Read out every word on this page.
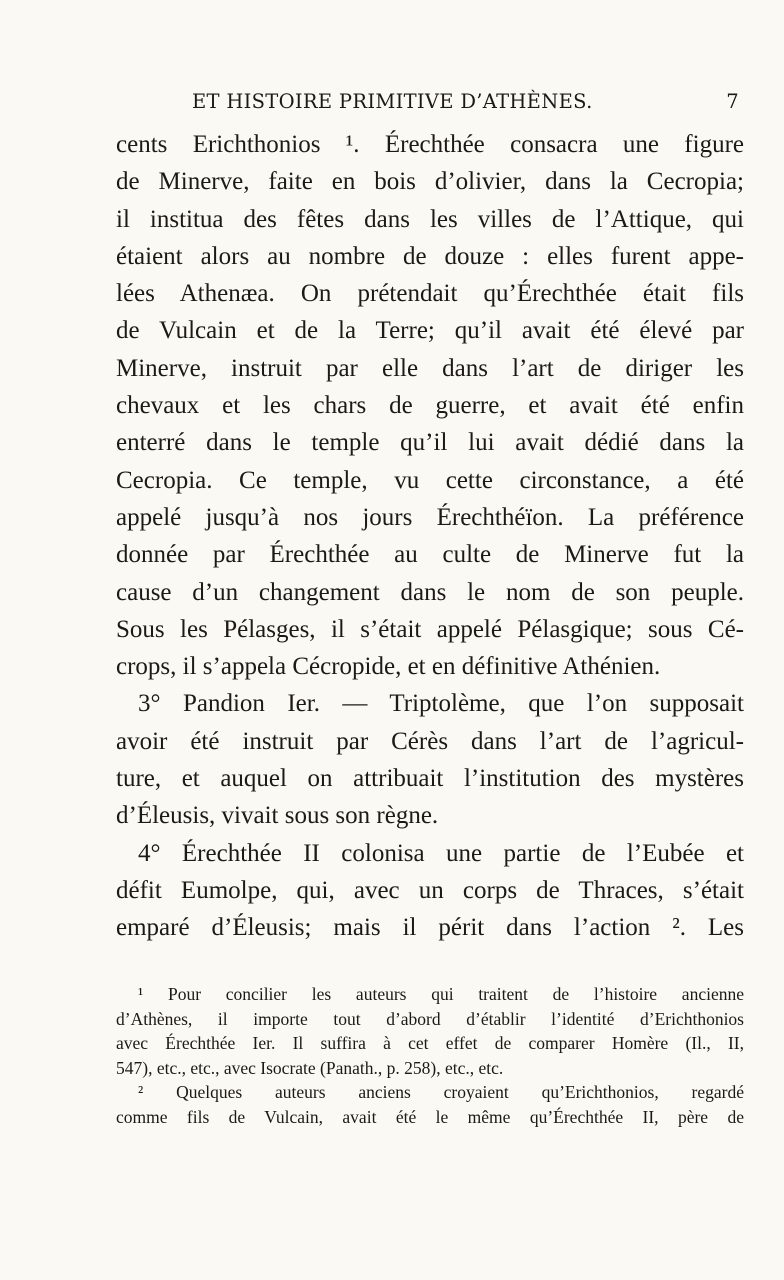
ET HISTOIRE PRIMITIVE D’ATHÈNES.	7
cents Erichthonios ¹. Érechthée consacra une figure
de Minerve, faite en bois d’olivier, dans la Cecropia;
il institua des fêtes dans les villes de l’Attique, qui
étaient alors au nombre de douze : elles furent appe-
lées Athenæa. On prétendait qu’Érechthée était fils
de Vulcain et de la Terre; qu’il avait été élevé par
Minerve, instruit par elle dans l’art de diriger les
chevaux et les chars de guerre, et avait été enfin
enterré dans le temple qu’il lui avait dédié dans la
Cecropia. Ce temple, vu cette circonstance, a été
appelé jusqu’à nos jours Érechthéïon. La préférence
donnée par Érechthée au culte de Minerve fut la
cause d’un changement dans le nom de son peuple.
Sous les Pélasges, il s’était appelé Pélasgique; sous Cé-
crops, il s’appela Cécropide, et en définitive Athénien.
3° Pandion Ier. — Triptolème, que l’on supposait
avoir été instruit par Cérès dans l’art de l’agricul-
ture, et auquel on attribuait l’institution des mystères
d’Éleusis, vivait sous son règne.
4° Érechthée II colonisa une partie de l’Eubée et
défit Eumolpe, qui, avec un corps de Thraces, s’était
emparé d’Éleusis; mais il périt dans l’action ². Les
¹ Pour concilier les auteurs qui traitent de l’histoire ancienne
d’Athènes, il importe tout d’abord d’établir l’identité d’Erichthonios
avec Érechthée Ier. Il suffira à cet effet de comparer Homère (Il., II,
547), etc., etc., avec Isocrate (Panath., p. 258), etc., etc.
² Quelques auteurs anciens croyaient qu’Erichthonios, regardé
comme fils de Vulcain, avait été le même qu’Érechthée II, père de
